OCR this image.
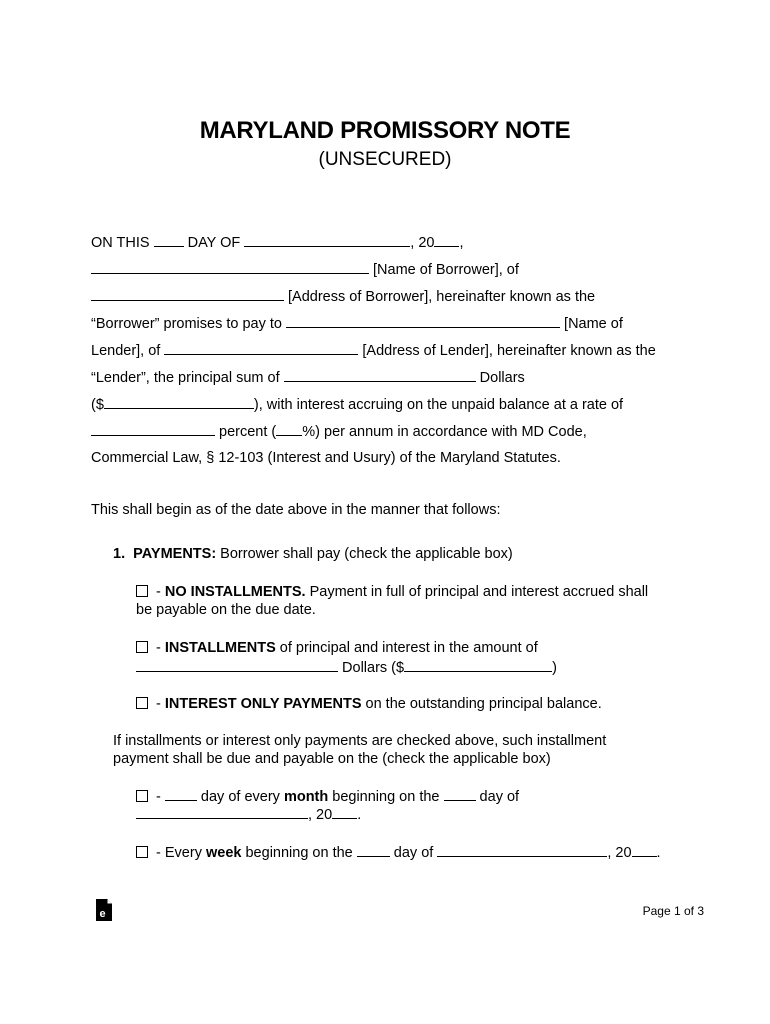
MARYLAND PROMISSORY NOTE
(UNSECURED)
ON THIS  DAY OF	, 20 ,
[Name of Borrower], of
[Address of Borrower], hereinafter known as the
“Borrower” promises to pay to	[Name of
Lender], of	[Address of Lender], hereinafter known as the
“Lender”, the principal sum of	Dollars
($	), with interest accruing on the unpaid balance at a rate of
percent ( %) per annum in accordance with MD Code,
Commercial Law, § 12-103 (Interest and Usury) of the Maryland Statutes.
This shall begin as of the date above in the manner that follows:
1. PAYMENTS: Borrower shall pay (check the applicable box)
- NO INSTALLMENTS. Payment in full of principal and interest accrued shall
be payable on the due date.
- INSTALLMENTS of principal and interest in the amount of
Dollars ($	)
- INTEREST ONLY PAYMENTS on the outstanding principal balance.
If installments or interest only payments are checked above, such installment
payment shall be due and payable on the (check the applicable box)
-  day of every month beginning on the  day of
, 20 .
- Every week beginning on the  day of	, 20 .
e	Page 1 of 3
